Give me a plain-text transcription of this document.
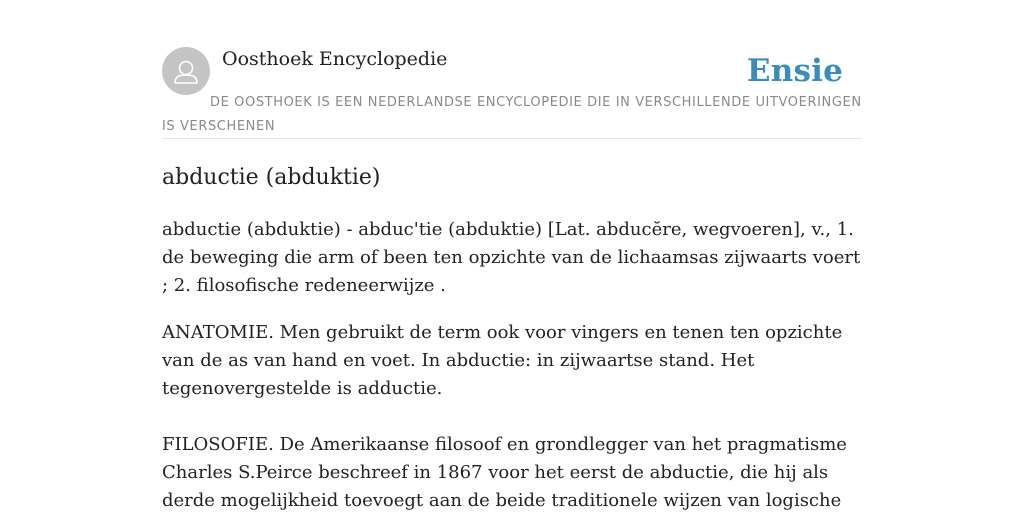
Oosthoek Encyclopedie	Ensie
DE OOSTHOEK IS EEN NEDERLANDSE ENCYCLOPEDIE DIE IN VERSCHILLENDE UITVOERINGEN IS VERSCHENEN
abductie (abduktie)

abductie (abduktie) - abduc'tie (abduktie) [Lat. abducĕre, wegvoeren], v., 1. de beweging die arm of been ten opzichte van de lichaamsas zijwaarts voert ; 2. filosofische redeneerwijze .

ANATOMIE. Men gebruikt de term ook voor vingers en tenen ten opzichte van de as van hand en voet. In abductie: in zijwaartse stand. Het tegenovergestelde is adductie.

FILOSOFIE. De Amerikaanse filosoof en grondlegger van het pragmatisme Charles S.Peirce beschreef in 1867 voor het eerst de abductie, die hij als derde mogelijkheid toevoegt aan de beide traditionele wijzen van logische
